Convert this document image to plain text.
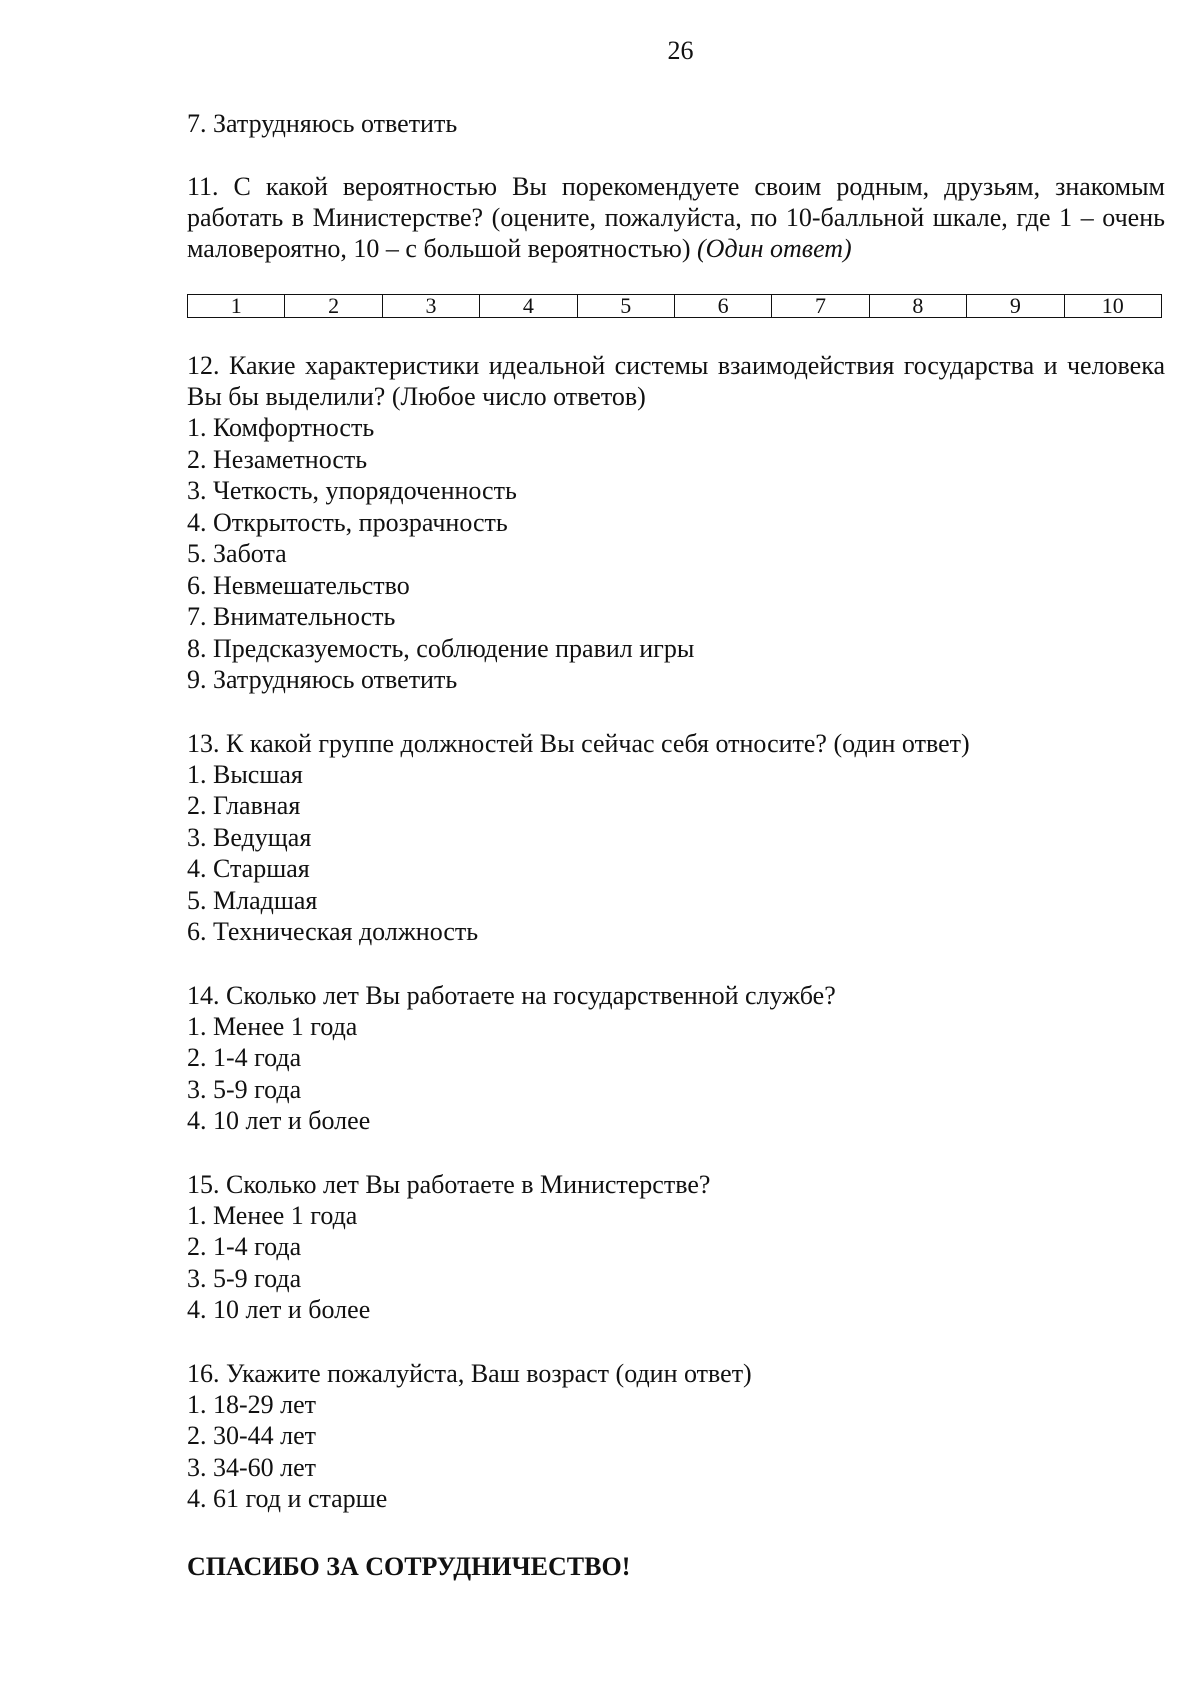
26

7. Затрудняюсь ответить

11. С какой вероятностью Вы порекомендуете своим родным, друзьям, знакомым работать в Министерстве? (оцените, пожалуйста, по 10-балльной шкале, где 1 – очень маловероятно, 10 – с большой вероятностью) (Один ответ)

1	2	3	4	5	6	7	8	9	10

12. Какие характеристики идеальной системы взаимодействия государства и человека Вы бы выделили? (Любое число ответов)

1. Комфортность
2. Незаметность
3. Четкость, упорядоченность
4. Открытость, прозрачность
5. Забота
6. Невмешательство
7. Внимательность
8. Предсказуемость, соблюдение правил игры
9. Затрудняюсь ответить

13. К какой группе должностей Вы сейчас себя относите? (один ответ)

1. Высшая
2. Главная
3. Ведущая
4. Старшая
5. Младшая
6. Техническая должность

14. Сколько лет Вы работаете на государственной службе?

1. Менее 1 года
2. 1-4 года
3. 5-9 года
4. 10 лет и более

15. Сколько лет Вы работаете в Министерстве?

1. Менее 1 года
2. 1-4 года
3. 5-9 года
4. 10 лет и более

16. Укажите пожалуйста, Ваш возраст (один ответ)

1. 18-29 лет
2. 30-44 лет
3. 34-60 лет
4. 61 год и старше
СПАСИБО ЗА СОТРУДНИЧЕСТВО!
